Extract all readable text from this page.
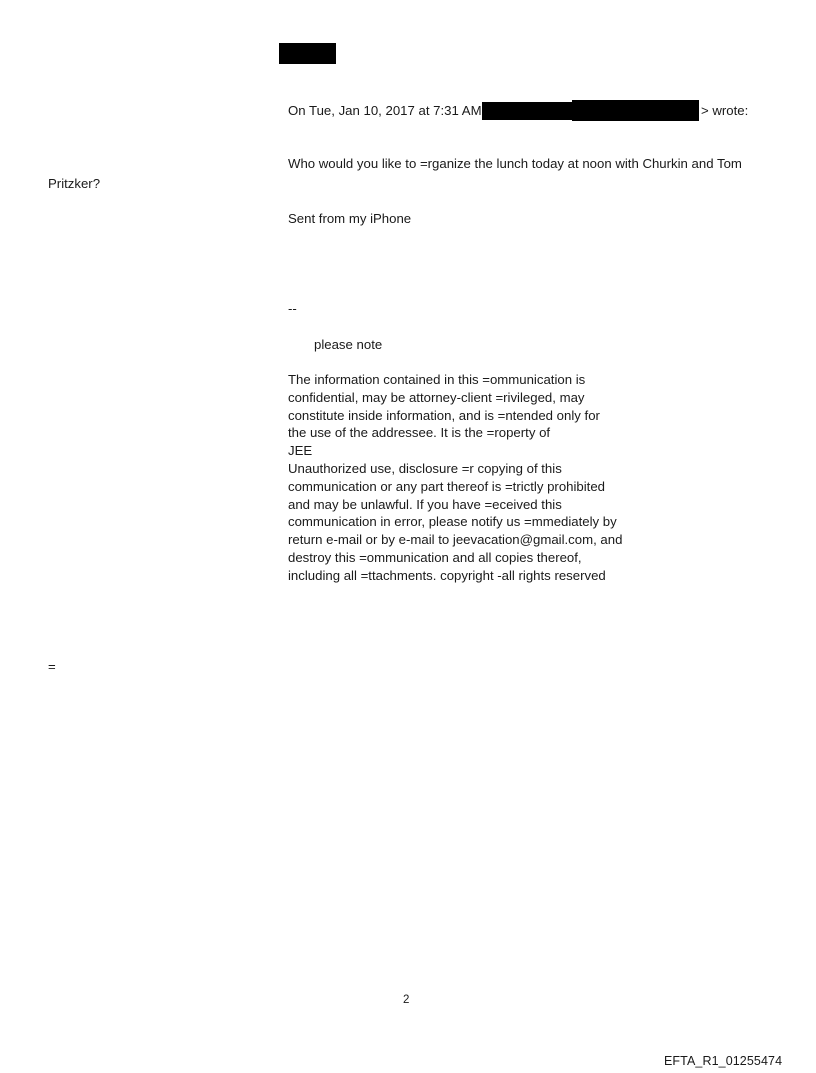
On Tue, Jan 10, 2017 at 7:31 AM	> wrote:
Who would you like to =rganize the lunch today at noon with Churkin and Tom
Pritzker?
Sent from my iPhone
--
please note
The information contained in this =ommunication is
confidential, may be attorney-client =rivileged, may
constitute inside information, and is =ntended only for
the use of the addressee. It is the =roperty of
JEE
Unauthorized use, disclosure =r copying of this
communication or any part thereof is =trictly prohibited
and may be unlawful. If you have =eceived this
communication in error, please notify us =mmediately by
return e-mail or by e-mail to jeevacation@gmail.com, and
destroy this =ommunication and all copies thereof,
including all =ttachments. copyright -all rights reserved
=
2
EFTA_R1_01255474
